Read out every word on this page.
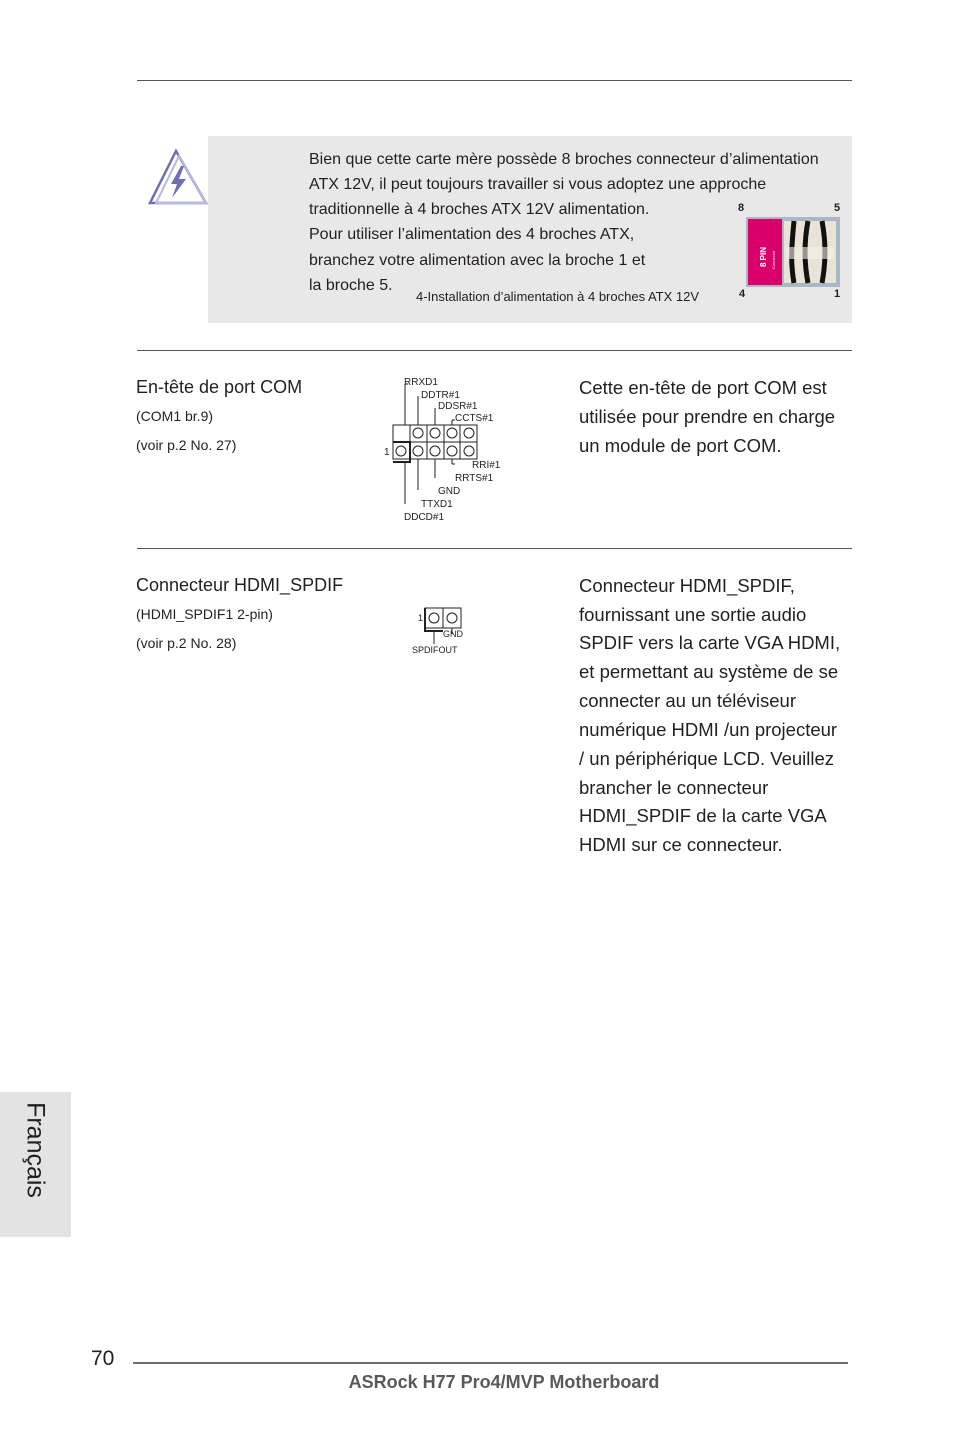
Bien que cette carte mère possède 8 broches connecteur d’alimentation
ATX 12V, il peut toujours travailler si vous adoptez une approche
traditionnelle à 4 broches ATX 12V alimentation.
Pour utiliser l’alimentation des 4 broches ATX,
branchez votre alimentation avec la broche 1 et
la broche 5.
4-Installation d’alimentation à 4 broches ATX 12V
8	5
4	1
8 PIN Connector
En-tête de port COM
(COM1 br.9)
(voir p.2 No. 27)
RRXD1
DDTR#1
DDSR#1
CCTS#1
1
RRI#1
RRTS#1
GND
TTXD1
DDCD#1
Cette en-tête de port COM est
utilisée pour prendre en charge
un module de port COM.
Connecteur HDMI_SPDIF
(HDMI_SPDIF1 2-pin)
(voir p.2 No. 28)
1
GND
SPDIFOUT
Connecteur HDMI_SPDIF,
fournissant une sortie audio
SPDIF vers la carte VGA HDMI,
et permettant au système de se
connecter au un téléviseur
numérique HDMI /un projecteur
/ un périphérique LCD. Veuillez
brancher le connecteur
HDMI_SPDIF de la carte VGA
HDMI sur ce connecteur.
Français
70
ASRock H77 Pro4/MVP Motherboard
